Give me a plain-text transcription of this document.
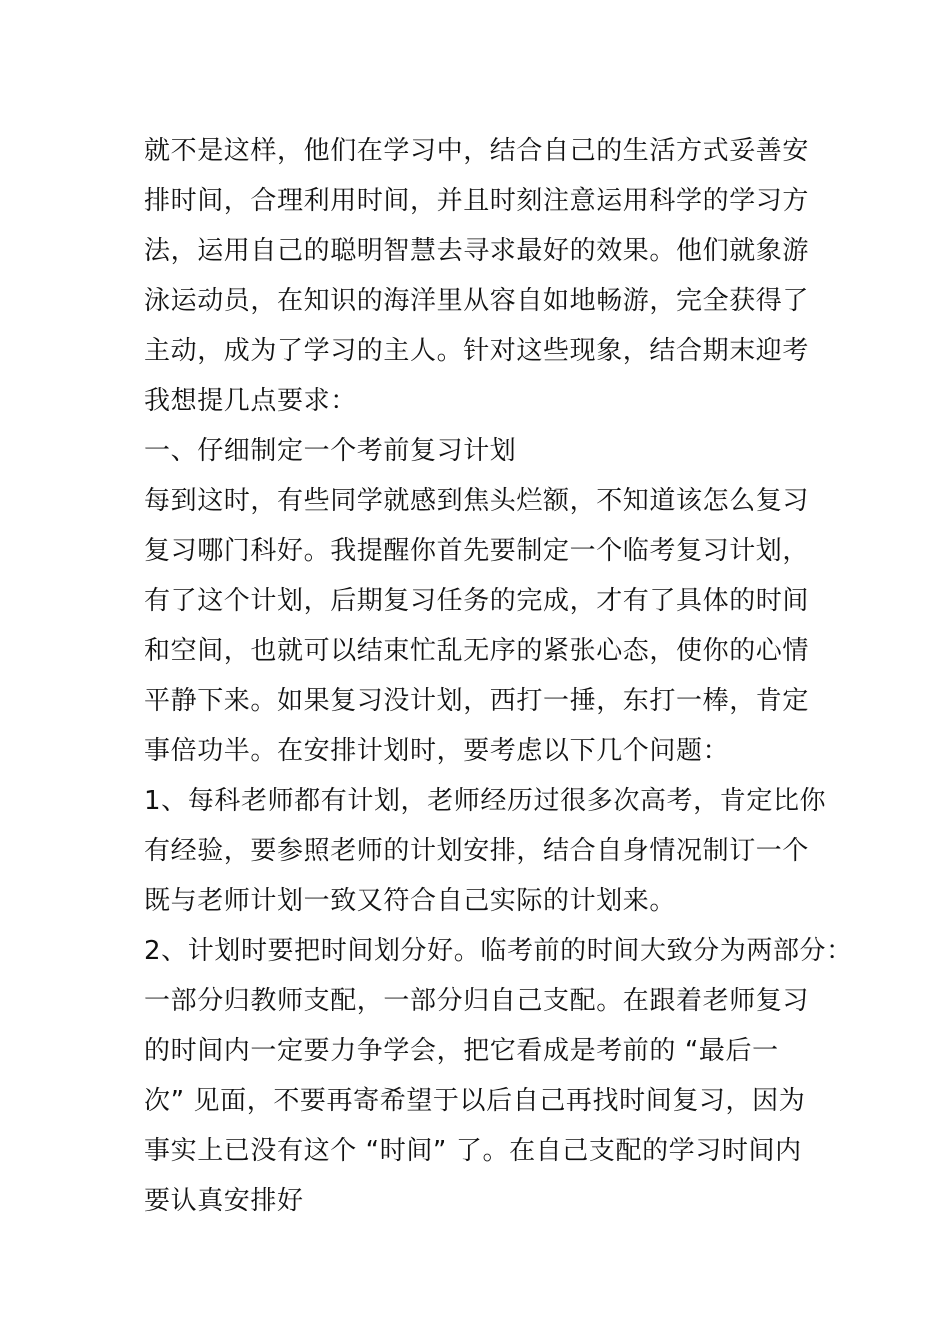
就不是这样，他们在学习中，结合自己的生活方式妥善安
排时间，合理利用时间，并且时刻注意运用科学的学习方
法，运用自己的聪明智慧去寻求最好的效果。他们就象游
泳运动员，在知识的海洋里从容自如地畅游，完全获得了
主动，成为了学习的主人。针对这些现象，结合期末迎考
我想提几点要求：
一、仔细制定一个考前复习计划
每到这时，有些同学就感到焦头烂额，不知道该怎么复习
复习哪门科好。我提醒你首先要制定一个临考复习计划，
有了这个计划，后期复习任务的完成，才有了具体的时间
和空间，也就可以结束忙乱无序的紧张心态，使你的心情
平静下来。如果复习没计划，西打一捶，东打一棒，肯定
事倍功半。在安排计划时，要考虑以下几个问题：
1、每科老师都有计划，老师经历过很多次高考，肯定比你
有经验，要参照老师的计划安排，结合自身情况制订一个
既与老师计划一致又符合自己实际的计划来。
2、计划时要把时间划分好。临考前的时间大致分为两部分：
一部分归教师支配，一部分归自己支配。在跟着老师复习
的时间内一定要力争学会，把它看成是考前的 “最后一
次” 见面，不要再寄希望于以后自己再找时间复习，因为
事实上已没有这个 “时间” 了。在自己支配的学习时间内
要认真安排好
